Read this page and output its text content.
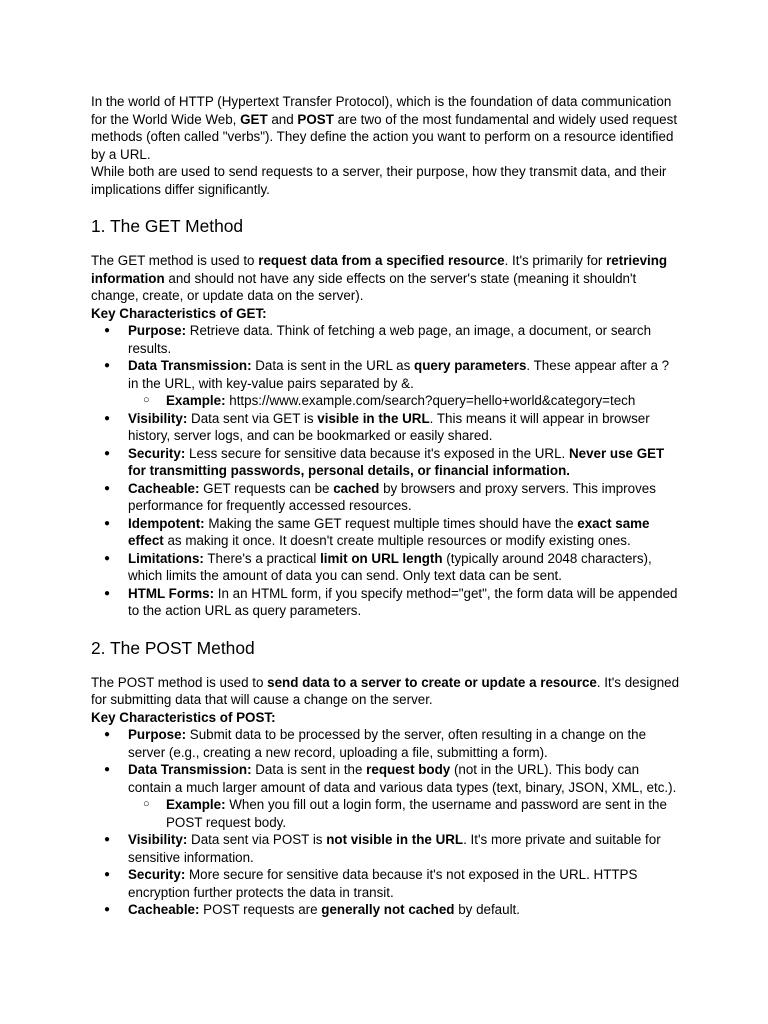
In the world of HTTP (Hypertext Transfer Protocol), which is the foundation of data communication for the World Wide Web, GET and POST are two of the most fundamental and widely used request methods (often called "verbs"). They define the action you want to perform on a resource identified by a URL.

While both are used to send requests to a server, their purpose, how they transmit data, and their implications differ significantly.

1. The GET Method

The GET method is used to request data from a specified resource. It's primarily for retrieving information and should not have any side effects on the server's state (meaning it shouldn't change, create, or update data on the server).

Key Characteristics of GET:

● Purpose: Retrieve data. Think of fetching a web page, an image, a document, or search results.
● Data Transmission: Data is sent in the URL as query parameters. These appear after a ? in the URL, with key-value pairs separated by &.
○ Example: https://www.example.com/search?query=hello+world&category=tech
● Visibility: Data sent via GET is visible in the URL. This means it will appear in browser history, server logs, and can be bookmarked or easily shared.
● Security: Less secure for sensitive data because it's exposed in the URL. Never use GET for transmitting passwords, personal details, or financial information.
● Cacheable: GET requests can be cached by browsers and proxy servers. This improves performance for frequently accessed resources.
● Idempotent: Making the same GET request multiple times should have the exact same effect as making it once. It doesn't create multiple resources or modify existing ones.
● Limitations: There's a practical limit on URL length (typically around 2048 characters), which limits the amount of data you can send. Only text data can be sent.
● HTML Forms: In an HTML form, if you specify method="get", the form data will be appended to the action URL as query parameters.
2. The POST Method

The POST method is used to send data to a server to create or update a resource. It's designed for submitting data that will cause a change on the server.

Key Characteristics of POST:

● Purpose: Submit data to be processed by the server, often resulting in a change on the server (e.g., creating a new record, uploading a file, submitting a form).
● Data Transmission: Data is sent in the request body (not in the URL). This body can contain a much larger amount of data and various data types (text, binary, JSON, XML, etc.).
○ Example: When you fill out a login form, the username and password are sent in the POST request body.
● Visibility: Data sent via POST is not visible in the URL. It's more private and suitable for sensitive information.
● Security: More secure for sensitive data because it's not exposed in the URL. HTTPS encryption further protects the data in transit.
● Cacheable: POST requests are generally not cached by default.
